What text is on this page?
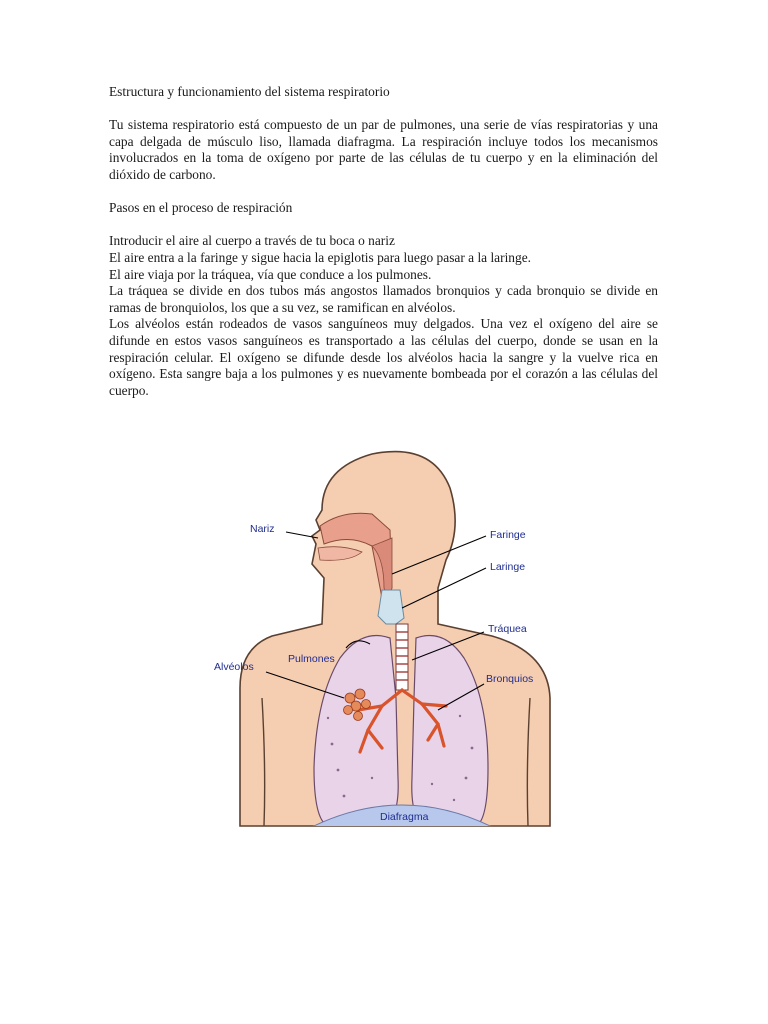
Estructura y funcionamiento del sistema respiratorio

Tu sistema respiratorio está compuesto de un par de pulmones, una serie de vías respiratorias y una capa delgada de músculo liso, llamada diafragma. La respiración incluye todos los mecanismos involucrados en la toma de oxígeno por parte de las células de tu cuerpo y en la eliminación del dióxido de carbono.

Pasos en el proceso de respiración

Introducir el aire al cuerpo a través de tu boca o nariz

El aire entra a la faringe y sigue hacia la epiglotis para luego pasar a la laringe.

El aire viaja por la tráquea, vía que conduce a los pulmones.

La tráquea se divide en dos tubos más angostos llamados bronquios y cada bronquio se divide en ramas de bronquiolos, los que a su vez, se ramifican en alvéolos.

Los alvéolos están rodeados de vasos sanguíneos muy delgados. Una vez el oxígeno del aire se difunde en estos vasos sanguíneos es transportado a las células del cuerpo, donde se usan en la respiración celular. El oxígeno se difunde desde los alvéolos hacia la sangre y la vuelve rica en oxígeno. Esta sangre baja a los pulmones y es nuevamente bombeada por el corazón a las células del cuerpo.

Nariz	Faringe
Laringe
Tráquea
Alvéolos
Pulmones
Bronquios
Diafragma
